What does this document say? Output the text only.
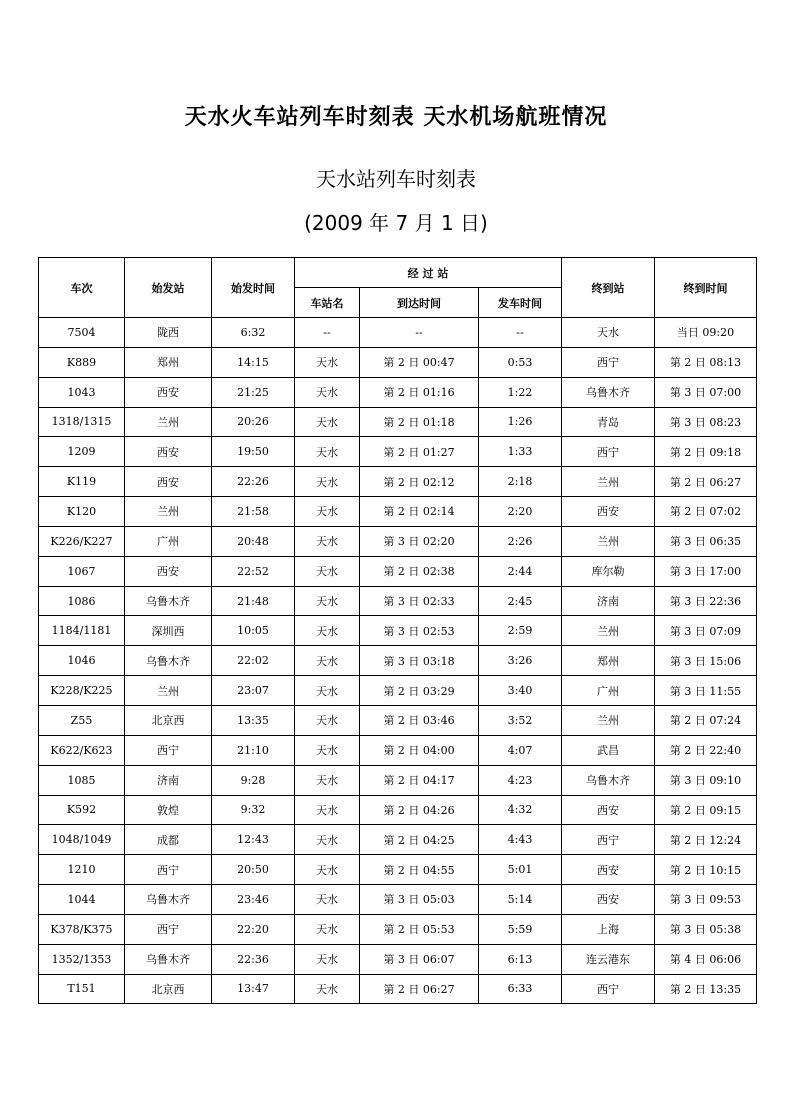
天水火车站列车时刻表 天水机场航班情况
天水站列车时刻表
(2009 年 7 月 1 日)
车次	始发站	始发时间	经 过 站			终到站	终到时间
			车站名	到达时间	发车时间		
7504	陇西	6:32	--	--	--	天水	当日 09:20
K889	郑州	14:15	天水	第 2 日 00:47	0:53	西宁	第 2 日 08:13
1043	西安	21:25	天水	第 2 日 01:16	1:22	乌鲁木齐	第 3 日 07:00
1318/1315	兰州	20:26	天水	第 2 日 01:18	1:26	青岛	第 3 日 08:23
1209	西安	19:50	天水	第 2 日 01:27	1:33	西宁	第 2 日 09:18
K119	西安	22:26	天水	第 2 日 02:12	2:18	兰州	第 2 日 06:27
K120	兰州	21:58	天水	第 2 日 02:14	2:20	西安	第 2 日 07:02
K226/K227	广州	20:48	天水	第 3 日 02:20	2:26	兰州	第 3 日 06:35
1067	西安	22:52	天水	第 2 日 02:38	2:44	库尔勒	第 3 日 17:00
1086	乌鲁木齐	21:48	天水	第 3 日 02:33	2:45	济南	第 3 日 22:36
1184/1181	深圳西	10:05	天水	第 3 日 02:53	2:59	兰州	第 3 日 07:09
1046	乌鲁木齐	22:02	天水	第 3 日 03:18	3:26	郑州	第 3 日 15:06
K228/K225	兰州	23:07	天水	第 2 日 03:29	3:40	广州	第 3 日 11:55
Z55	北京西	13:35	天水	第 2 日 03:46	3:52	兰州	第 2 日 07:24
K622/K623	西宁	21:10	天水	第 2 日 04:00	4:07	武昌	第 2 日 22:40
1085	济南	9:28	天水	第 2 日 04:17	4:23	乌鲁木齐	第 3 日 09:10
K592	敦煌	9:32	天水	第 2 日 04:26	4:32	西安	第 2 日 09:15
1048/1049	成都	12:43	天水	第 2 日 04:25	4:43	西宁	第 2 日 12:24
1210	西宁	20:50	天水	第 2 日 04:55	5:01	西安	第 2 日 10:15
1044	乌鲁木齐	23:46	天水	第 3 日 05:03	5:14	西安	第 3 日 09:53
K378/K375	西宁	22:20	天水	第 2 日 05:53	5:59	上海	第 3 日 05:38
1352/1353	乌鲁木齐	22:36	天水	第 3 日 06:07	6:13	连云港东	第 4 日 06:06
T151	北京西	13:47	天水	第 2 日 06:27	6:33	西宁	第 2 日 13:35
